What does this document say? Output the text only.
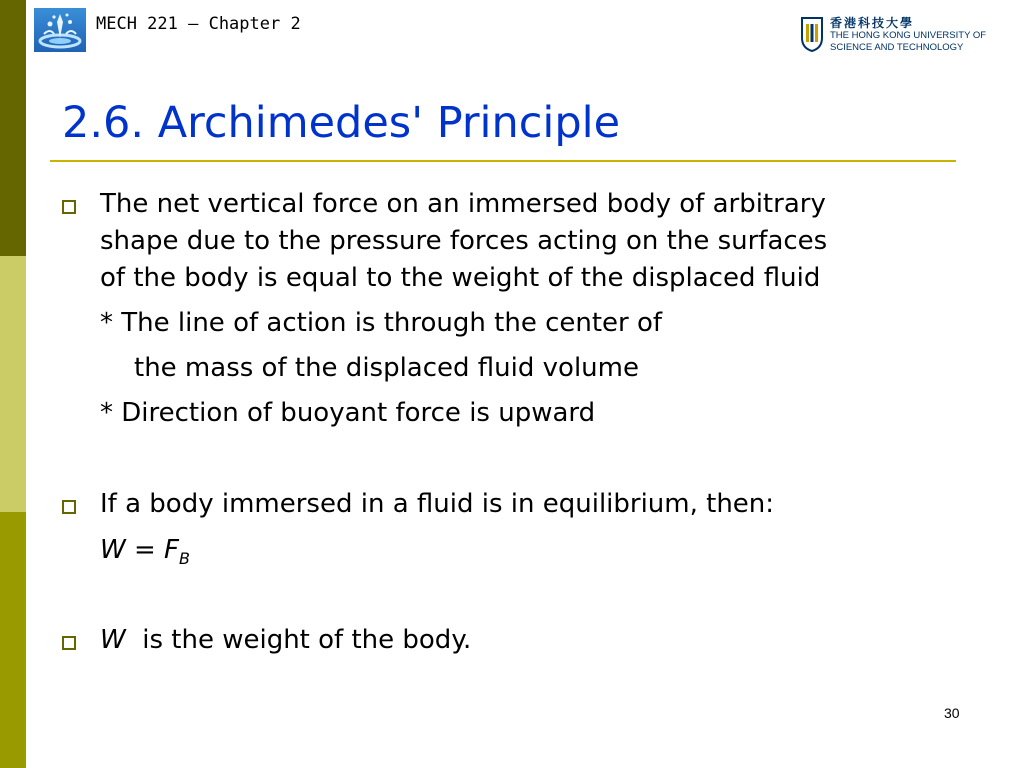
MECH 221 – Chapter 2	香港科技大學
THE HONG KONG UNIVERSITY OF
SCIENCE AND TECHNOLOGY
2.6. Archimedes' Principle
The net vertical force on an immersed body of arbitrary
shape due to the pressure forces acting on the surfaces
of the body is equal to the weight of the displaced fluid
* The line of action is through the center of
the mass of the displaced fluid volume
* Direction of buoyant force is upward
If a body immersed in a fluid is in equilibrium, then:
$W = F_B$
W  is the weight of the body.
30
